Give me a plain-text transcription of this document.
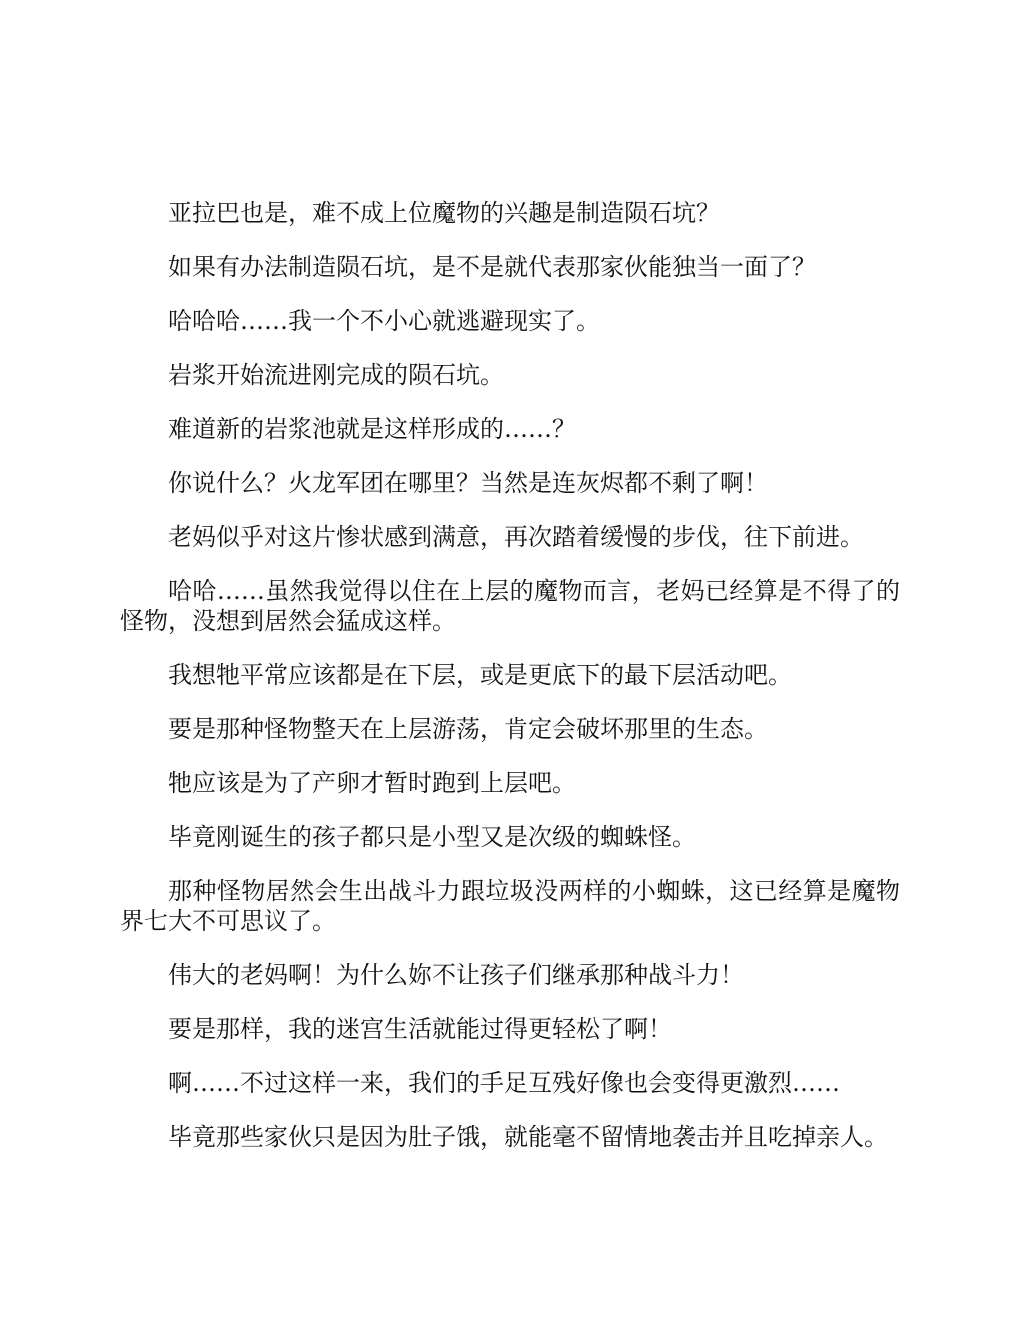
亚拉巴也是，难不成上位魔物的兴趣是制造陨石坑？

如果有办法制造陨石坑，是不是就代表那家伙能独当一面了？

哈哈哈……我一个不小心就逃避现实了。

岩浆开始流进刚完成的陨石坑。

难道新的岩浆池就是这样形成的……？

你说什么？火龙军团在哪里？当然是连灰烬都不剩了啊！

老妈似乎对这片惨状感到满意，再次踏着缓慢的步伐，往下前进。

哈哈……虽然我觉得以住在上层的魔物而言，老妈已经算是不得了的怪物，没想到居然会猛成这样。

我想牠平常应该都是在下层，或是更底下的最下层活动吧。

要是那种怪物整天在上层游荡，肯定会破坏那里的生态。

牠应该是为了产卵才暂时跑到上层吧。

毕竟刚诞生的孩子都只是小型又是次级的蜘蛛怪。

那种怪物居然会生出战斗力跟垃圾没两样的小蜘蛛，这已经算是魔物界七大不可思议了。

伟大的老妈啊！为什么妳不让孩子们继承那种战斗力！

要是那样，我的迷宫生活就能过得更轻松了啊！

啊……不过这样一来，我们的手足互残好像也会变得更激烈……

毕竟那些家伙只是因为肚子饿，就能毫不留情地袭击并且吃掉亲人。
